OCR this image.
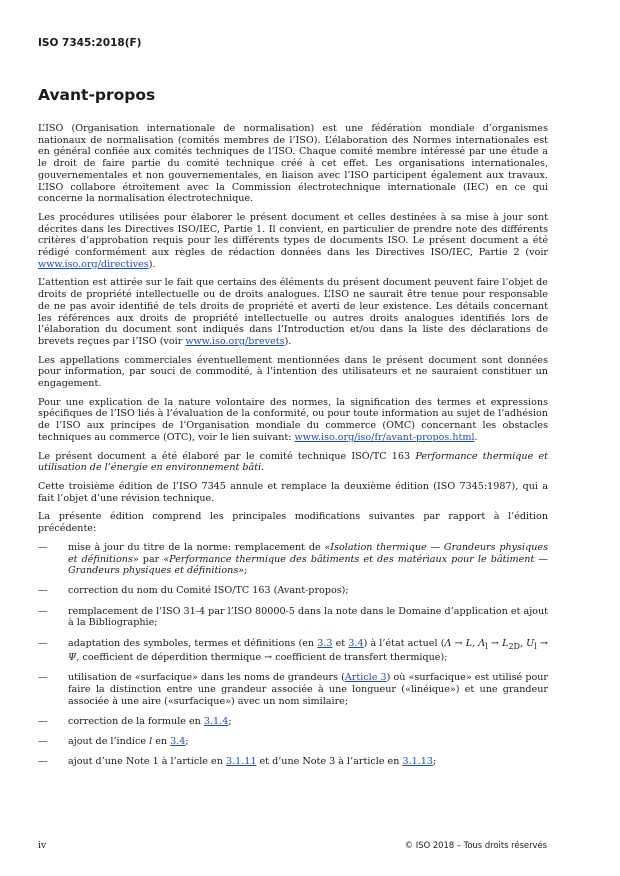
ISO 7345:2018(F)
Avant-propos

L’ISO (Organisation internationale de normalisation) est une fédération mondiale d’organismes nationaux de normalisation (comités membres de l’ISO). L’élaboration des Normes internationales est en général confiée aux comités techniques de l’ISO. Chaque comité membre intéressé par une étude a le droit de faire partie du comité technique créé à cet effet. Les organisations internationales, gouvernementales et non gouvernementales, en liaison avec l’ISO participent également aux travaux. L’ISO collabore étroitement avec la Commission électrotechnique internationale (IEC) en ce qui concerne la normalisation électrotechnique.

Les procédures utilisées pour élaborer le présent document et celles destinées à sa mise à jour sont décrites dans les Directives ISO/IEC, Partie 1. Il convient, en particulier de prendre note des différents critères d’approbation requis pour les différents types de documents ISO. Le présent document a été rédigé conformément aux règles de rédaction données dans les Directives ISO/IEC, Partie 2 (voir www.iso.org/directives).

L’attention est attirée sur le fait que certains des éléments du présent document peuvent faire l’objet de droits de propriété intellectuelle ou de droits analogues. L’ISO ne saurait être tenue pour responsable de ne pas avoir identifié de tels droits de propriété et averti de leur existence. Les détails concernant les références aux droits de propriété intellectuelle ou autres droits analogues identifiés lors de l’élaboration du document sont indiqués dans l’Introduction et/ou dans la liste des déclarations de brevets reçues par l’ISO (voir www.iso.org/brevets).

Les appellations commerciales éventuellement mentionnées dans le présent document sont données pour information, par souci de commodité, à l’intention des utilisateurs et ne sauraient constituer un engagement.

Pour une explication de la nature volontaire des normes, la signification des termes et expressions spécifiques de l’ISO liés à l’évaluation de la conformité, ou pour toute information au sujet de l’adhésion de l’ISO aux principes de l’Organisation mondiale du commerce (OMC) concernant les obstacles techniques au commerce (OTC), voir le lien suivant: www.iso.org/iso/fr/avant-propos.html.

Le présent document a été élaboré par le comité technique ISO/TC 163 Performance thermique et utilisation de l’énergie en environnement bâti.

Cette troisième édition de l’ISO 7345 annule et remplace la deuxième édition (ISO 7345:1987), qui a fait l’objet d’une révision technique.

La présente édition comprend les principales modifications suivantes par rapport à l’édition précédente:

— mise à jour du titre de la norme: remplacement de «Isolation thermique — Grandeurs physiques et définitions» par «Performance thermique des bâtiments et des matériaux pour le bâtiment — Grandeurs physiques et définitions»;
— correction du nom du Comité ISO/TC 163 (Avant-propos);
— remplacement de l’ISO 31-4 par l’ISO 80000-5 dans la note dans le Domaine d’application et ajout à la Bibliographie;
— adaptation des symboles, termes et définitions (en 3.3 et 3.4) à l’état actuel (Λ → L, $\Lambda_l \to L_{2D}$, $U_l \to \Psi$, coefficient de déperdition thermique → coefficient de transfert thermique);
— utilisation de «surfacique» dans les noms de grandeurs (Article 3) où «surfacique» est utilisé pour faire la distinction entre une grandeur associée à une longueur («linéique») et une grandeur associée à une aire («surfacique») avec un nom similaire;
— correction de la formule en 3.1.4;
— ajout de l’indice l en 3.4;
— ajout d’une Note 1 à l’article en 3.1.11 et d’une Note 3 à l’article en 3.1.13;
iv	© ISO 2018 – Tous droits réservés
